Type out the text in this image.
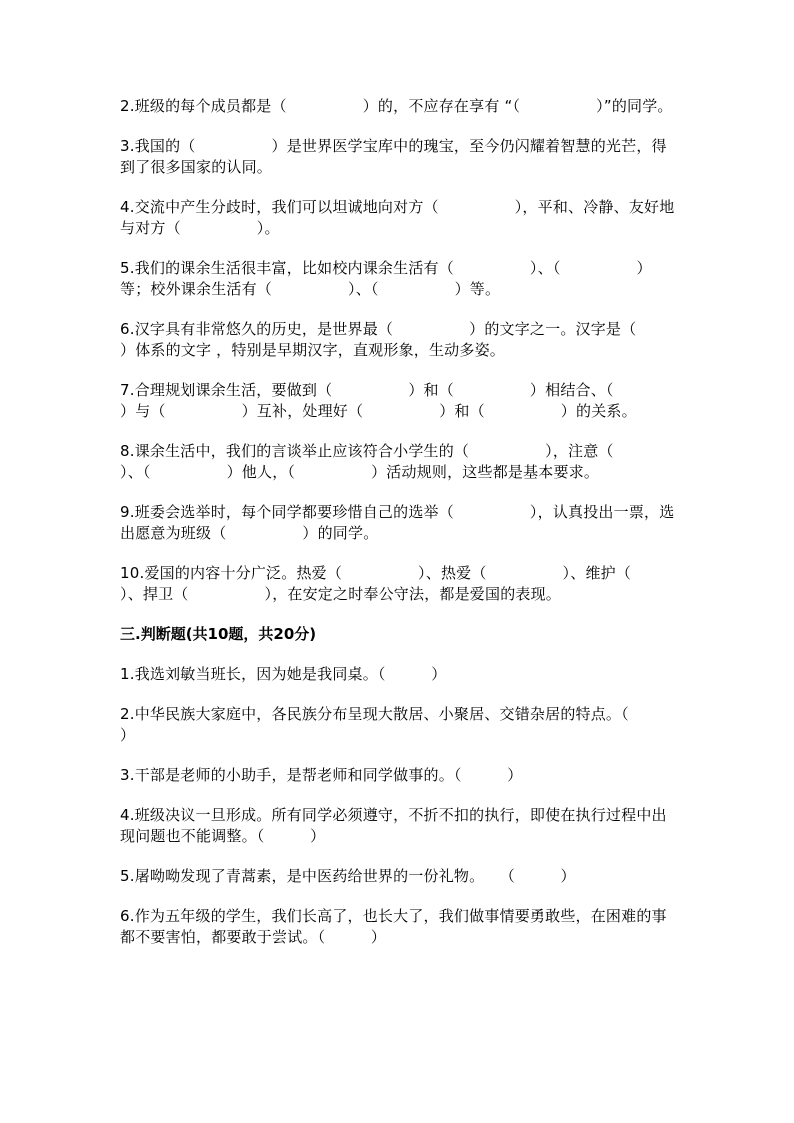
2.班级的每个成员都是（　　　　　）的，不应存在享有 “（　　　　　）”的同学。

3.我国的（　　　　　）是世界医学宝库中的瑰宝，至今仍闪耀着智慧的光芒，得到了很多国家的认同。

4.交流中产生分歧时，我们可以坦诚地向对方（　　　　　），平和、冷静、友好地与对方（　　　　　）。

5.我们的课余生活很丰富，比如校内课余生活有（　　　　　）、（　　　　　）等；校外课余生活有（　　　　　）、（　　　　　）等。

6.汉字具有非常悠久的历史，是世界最（　　　　　）的文字之一。汉字是（　　　　　）体系的文字 ，特别是早期汉字，直观形象，生动多姿。

7.合理规划课余生活，要做到（　　　　　）和（　　　　　）相结合、（　　　　　）与（　　　　　）互补，处理好（　　　　　）和（　　　　　）的关系。

8.课余生活中，我们的言谈举止应该符合小学生的（　　　　　），注意（　　　　　）、（　　　　　）他人，（　　　　　）活动规则，这些都是基本要求。

9.班委会选举时，每个同学都要珍惜自己的选举（　　　　　），认真投出一票，选出愿意为班级（　　　　　）的同学。

10.爱国的内容十分广泛。热爱（　　　　　）、热爱（　　　　　）、维护（　　　　　）、捍卫（　　　　　），在安定之时奉公守法，都是爱国的表现。

三.判断题(共10题，共20分)

1.我选刘敏当班长，因为她是我同桌。（　　　）

2.中华民族大家庭中，各民族分布呈现大散居、小聚居、交错杂居的特点。（　　　）

3.干部是老师的小助手，是帮老师和同学做事的。（　　　）

4.班级决议一旦形成。所有同学必须遵守，不折不扣的执行，即使在执行过程中出现问题也不能调整。（　　　）

5.屠呦呦发现了青蒿素，是中医药给世界的一份礼物。　　（　　　）

6.作为五年级的学生，我们长高了，也长大了，我们做事情要勇敢些，在困难的事都不要害怕，都要敢于尝试。（　　　）
